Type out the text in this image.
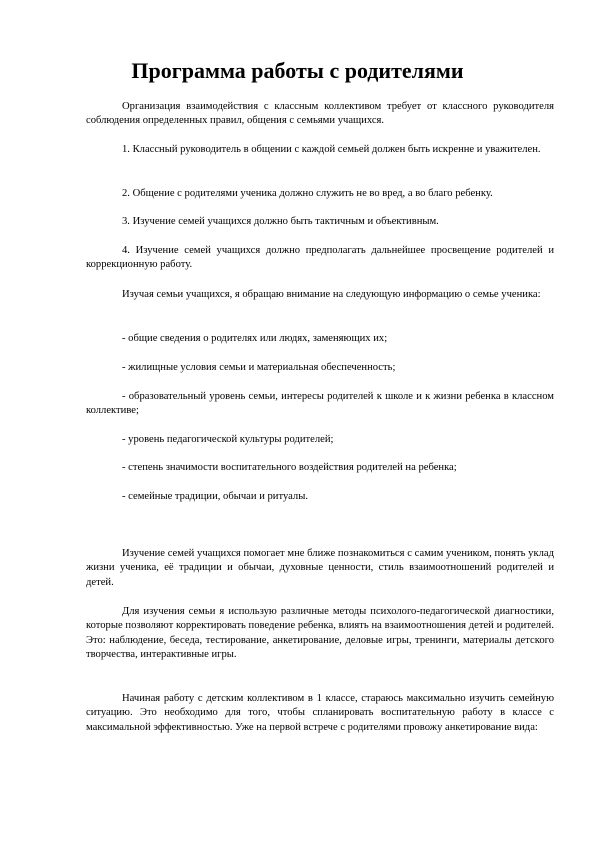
Программа работы с родителями

Организация взаимодействия с классным коллективом требует от классного руководителя соблюдения определенных правил, общения с семьями учащихся.

1. Классный руководитель в общении с каждой семьей должен быть искренне и уважителен.

2. Общение с родителями ученика должно служить не во вред, а во благо ребенку.

3. Изучение семей учащихся должно быть тактичным и объективным.

4. Изучение семей учащихся должно предполагать дальнейшее просвещение родителей и коррекционную работу.

Изучая семьи учащихся, я обращаю внимание на следующую информацию о семье ученика:

- общие сведения о родителях или людях, заменяющих их;

- жилищные условия семьи и материальная обеспеченность;

- образовательный уровень семьи, интересы родителей к школе и к жизни ребенка в классном коллективе;

- уровень педагогической культуры родителей;

- степень значимости воспитательного воздействия родителей на ребенка;

- семейные традиции, обычаи и ритуалы.

Изучение семей учащихся помогает мне ближе познакомиться с самим учеником, понять уклад жизни ученика, её традиции и обычаи, духовные ценности, стиль взаимоотношений родителей и детей.

Для изучения семьи я использую различные методы психолого-педагогической диагностики, которые позволяют корректировать поведение ребенка, влиять на взаимоотношения детей и родителей. Это: наблюдение, беседа, тестирование, анкетирование, деловые игры, тренинги, материалы детского творчества, интерактивные игры.

Начиная работу с детским коллективом в 1 классе, стараюсь максимально изучить семейную ситуацию. Это необходимо для того, чтобы спланировать воспитательную работу в классе с максимальной эффективностью. Уже на первой встрече с родителями провожу анкетирование вида:
